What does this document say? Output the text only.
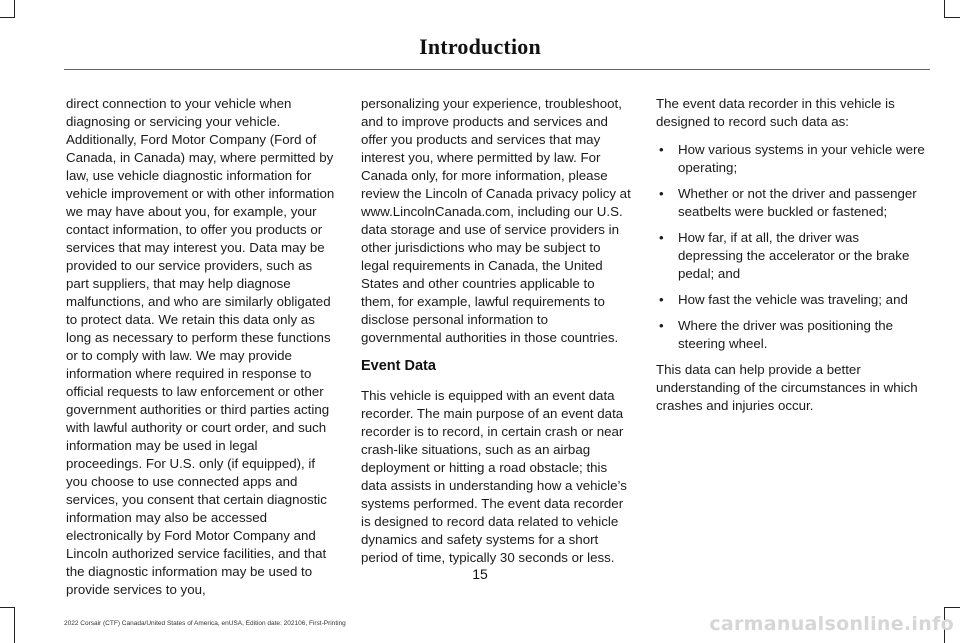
Introduction

direct connection to your vehicle when diagnosing or servicing your vehicle. Additionally, Ford Motor Company (Ford of Canada, in Canada) may, where permitted by law, use vehicle diagnostic information for vehicle improvement or with other information we may have about you, for example, your contact information, to offer you products or services that may interest you. Data may be provided to our service providers, such as part suppliers, that may help diagnose malfunctions, and who are similarly obligated to protect data. We retain this data only as long as necessary to perform these functions or to comply with law. We may provide information where required in response to official requests to law enforcement or other government authorities or third parties acting with lawful authority or court order, and such information may be used in legal proceedings. For U.S. only (if equipped), if you choose to use connected apps and services, you consent that certain diagnostic information may also be accessed electronically by Ford Motor Company and Lincoln authorized service facilities, and that the diagnostic information may be used to provide services to you,

personalizing your experience, troubleshoot, and to improve products and services and offer you products and services that may interest you, where permitted by law. For Canada only, for more information, please review the Lincoln of Canada privacy policy at www.LincolnCanada.com, including our U.S. data storage and use of service providers in other jurisdictions who may be subject to legal requirements in Canada, the United States and other countries applicable to them, for example, lawful requirements to disclose personal information to governmental authorities in those countries.

Event Data

This vehicle is equipped with an event data recorder. The main purpose of an event data recorder is to record, in certain crash or near crash-like situations, such as an airbag deployment or hitting a road obstacle; this data assists in understanding how a vehicle’s systems performed. The event data recorder is designed to record data related to vehicle dynamics and safety systems for a short period of time, typically 30 seconds or less.

The event data recorder in this vehicle is designed to record such data as:

• How various systems in your vehicle were operating;
• Whether or not the driver and passenger seatbelts were buckled or fastened;
• How far, if at all, the driver was depressing the accelerator or the brake pedal; and
• How fast the vehicle was traveling; and
• Where the driver was positioning the steering wheel.

This data can help provide a better understanding of the circumstances in which crashes and injuries occur.

15
2022 Corsair (CTF) Canada/United States of America, enUSA, Edition date: 202106, First-Printing	carmanualsonline.info
